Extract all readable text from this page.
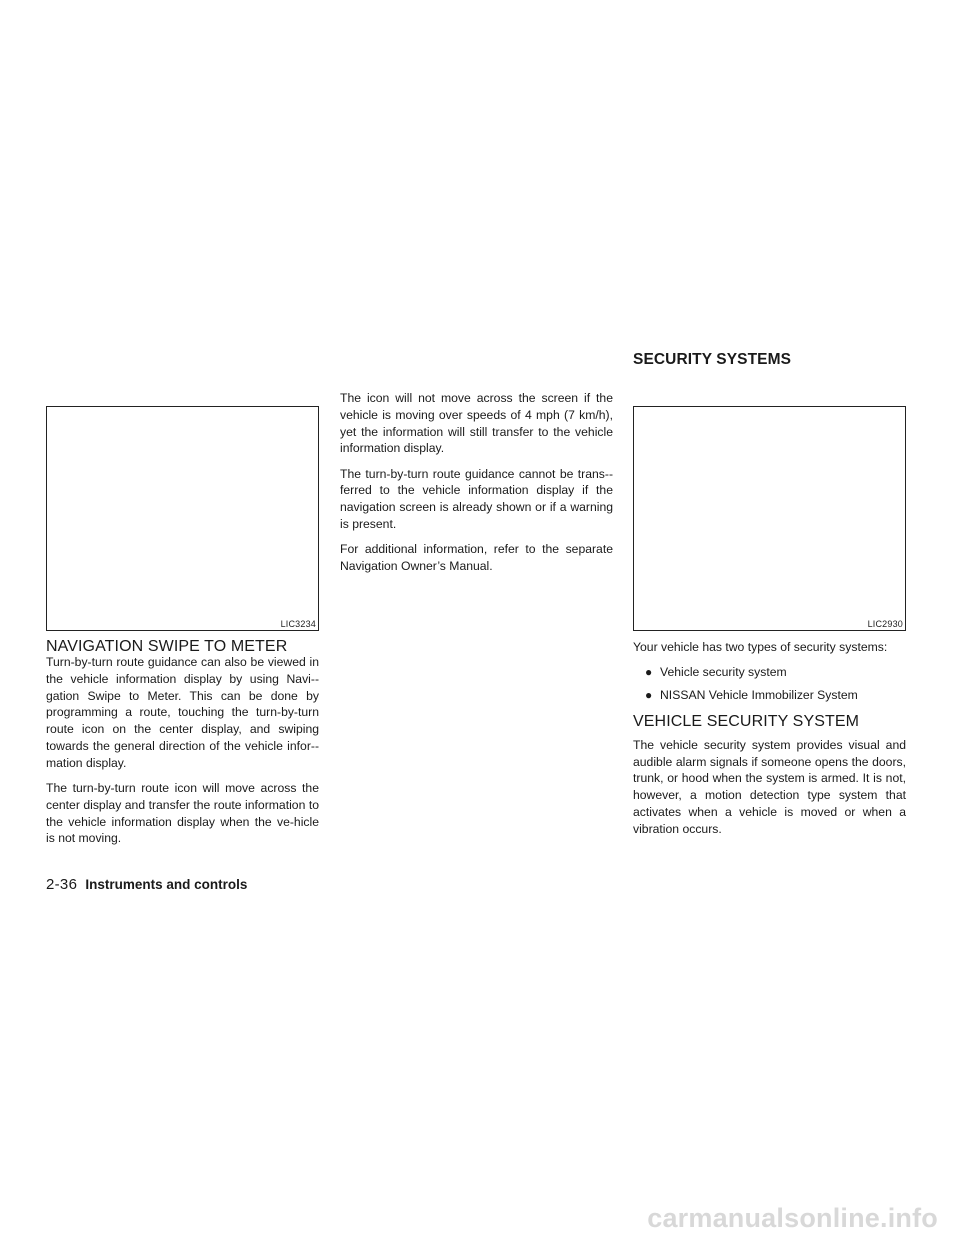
SECURITY SYSTEMS
LIC3234	LIC2930
NAVIGATION SWIPE TO METER

Turn-by-turn route guidance can also be viewed in the vehicle information display by using Navi-gation Swipe to Meter. This can be done by programming a route, touching the turn-by-turn route icon on the center display, and swiping towards the general direction of the vehicle infor-mation display.

The turn-by-turn route icon will move across the center display and transfer the route information to the vehicle information display when the ve-hicle is not moving.

The icon will not move across the screen if the vehicle is moving over speeds of 4 mph (7 km/h), yet the information will still transfer to the vehicle information display.

The turn-by-turn route guidance cannot be trans-ferred to the vehicle information display if the navigation screen is already shown or if a warning is present.

For additional information, refer to the separate Navigation Owner’s Manual.

Your vehicle has two types of security systems:

● Vehicle security system
● NISSAN Vehicle Immobilizer System
VEHICLE SECURITY SYSTEM

The vehicle security system provides visual and audible alarm signals if someone opens the doors, trunk, or hood when the system is armed. It is not, however, a motion detection type system that activates when a vehicle is moved or when a vibration occurs.

2-36 Instruments and controls
carmanualsonline.info
